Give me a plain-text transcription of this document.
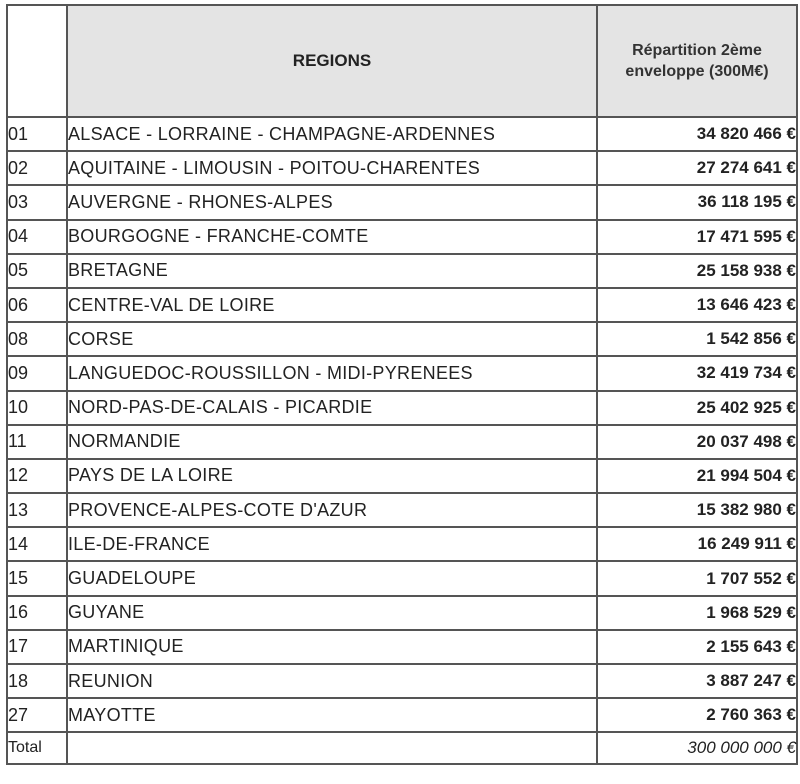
	REGIONS	Répartition 2ème enveloppe (300M€)
01	ALSACE - LORRAINE - CHAMPAGNE-ARDENNES	34 820 466 €
02	AQUITAINE - LIMOUSIN - POITOU-CHARENTES	27 274 641 €
03	AUVERGNE - RHONES-ALPES	36 118 195 €
04	BOURGOGNE - FRANCHE-COMTE	17 471 595 €
05	BRETAGNE	25 158 938 €
06	CENTRE-VAL DE LOIRE	13 646 423 €
08	CORSE	1 542 856 €
09	LANGUEDOC-ROUSSILLON - MIDI-PYRENEES	32 419 734 €
10	NORD-PAS-DE-CALAIS - PICARDIE	25 402 925 €
11	NORMANDIE	20 037 498 €
12	PAYS DE LA LOIRE	21 994 504 €
13	PROVENCE-ALPES-COTE D'AZUR	15 382 980 €
14	ILE-DE-FRANCE	16 249 911 €
15	GUADELOUPE	1 707 552 €
16	GUYANE	1 968 529 €
17	MARTINIQUE	2 155 643 €
18	REUNION	3 887 247 €
27	MAYOTTE	2 760 363 €
Total		300 000 000 €
